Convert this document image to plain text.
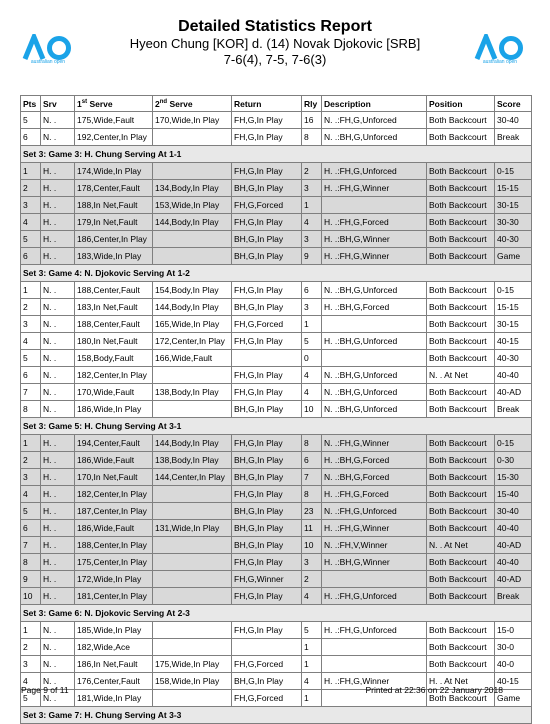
Detailed Statistics Report
Hyeon Chung [KOR] d. (14) Novak Djokovic [SRB]
7-6(4), 7-5, 7-6(3)
australian open	australian open
Pts	Srv	1st Serve	2nd Serve	Return	Rly	Description	Position	Score
5	N. .	175,Wide,Fault	170,Wide,In Play	FH,G,In Play	16	N. .:FH,G,Unforced	Both Backcourt	30-40
6	N. .	192,Center,In Play		FH,G,In Play	8	N. .:BH,G,Unforced	Both Backcourt	Break
Set 3: Game 3: H. Chung Serving At 1-1								
1	H. .	174,Wide,In Play		FH,G,In Play	2	H. .:FH,G,Unforced	Both Backcourt	0-15
2	H. .	178,Center,Fault	134,Body,In Play	BH,G,In Play	3	H. .:FH,G,Winner	Both Backcourt	15-15
3	H. .	188,In Net,Fault	153,Wide,In Play	FH,G,Forced	1		Both Backcourt	30-15
4	H. .	179,In Net,Fault	144,Body,In Play	FH,G,In Play	4	H. .:FH,G,Forced	Both Backcourt	30-30
5	H. .	186,Center,In Play		BH,G,In Play	3	H. .:BH,G,Winner	Both Backcourt	40-30
6	H. .	183,Wide,In Play		BH,G,In Play	9	H. .:FH,G,Winner	Both Backcourt	Game
Set 3: Game 4: N. Djokovic Serving At 1-2								
1	N. .	188,Center,Fault	154,Body,In Play	FH,G,In Play	6	N. .:BH,G,Unforced	Both Backcourt	0-15
2	N. .	183,In Net,Fault	144,Body,In Play	BH,G,In Play	3	H. .:BH,G,Forced	Both Backcourt	15-15
3	N. .	188,Center,Fault	165,Wide,In Play	FH,G,Forced	1		Both Backcourt	30-15
4	N. .	180,In Net,Fault	172,Center,In Play	FH,G,In Play	5	H. .:BH,G,Unforced	Both Backcourt	40-15
5	N. .	158,Body,Fault	166,Wide,Fault		0		Both Backcourt	40-30
6	N. .	182,Center,In Play		FH,G,In Play	4	N. .:BH,G,Unforced	N. . At Net	40-40
7	N. .	170,Wide,Fault	138,Body,In Play	FH,G,In Play	4	N. .:BH,G,Unforced	Both Backcourt	40-AD
8	N. .	186,Wide,In Play		BH,G,In Play	10	N. .:BH,G,Unforced	Both Backcourt	Break
Set 3: Game 5: H. Chung Serving At 3-1								
1	H. .	194,Center,Fault	144,Body,In Play	FH,G,In Play	8	N. .:FH,G,Winner	Both Backcourt	0-15
2	H. .	186,Wide,Fault	138,Body,In Play	BH,G,In Play	6	H. .:BH,G,Forced	Both Backcourt	0-30
3	H. .	170,In Net,Fault	144,Center,In Play	BH,G,In Play	7	N. .:BH,G,Forced	Both Backcourt	15-30
4	H. .	182,Center,In Play		FH,G,In Play	8	H. .:FH,G,Forced	Both Backcourt	15-40
5	H. .	187,Center,In Play		BH,G,In Play	23	N. .:FH,G,Unforced	Both Backcourt	30-40
6	H. .	186,Wide,Fault	131,Wide,In Play	BH,G,In Play	11	H. .:FH,G,Winner	Both Backcourt	40-40
7	H. .	188,Center,In Play		BH,G,In Play	10	N. .:FH,V,Winner	N. . At Net	40-AD
8	H. .	175,Center,In Play		FH,G,In Play	3	H. .:BH,G,Winner	Both Backcourt	40-40
9	H. .	172,Wide,In Play		FH,G,Winner	2		Both Backcourt	40-AD
10	H. .	181,Center,In Play		FH,G,In Play	4	H. .:FH,G,Unforced	Both Backcourt	Break
Set 3: Game 6: N. Djokovic Serving At 2-3								
1	N. .	185,Wide,In Play		FH,G,In Play	5	H. .:FH,G,Unforced	Both Backcourt	15-0
2	N. .	182,Wide,Ace			1		Both Backcourt	30-0
3	N. .	186,In Net,Fault	175,Wide,In Play	FH,G,Forced	1		Both Backcourt	40-0
4	N. .	176,Center,Fault	158,Wide,In Play	BH,G,In Play	4	H. .:FH,G,Winner	H. . At Net	40-15
5	N. .	181,Wide,In Play		FH,G,Forced	1		Both Backcourt	Game
Set 3: Game 7: H. Chung Serving At 3-3								
Page 9 of 11	Printed at 22:36 on 22 January 2018
